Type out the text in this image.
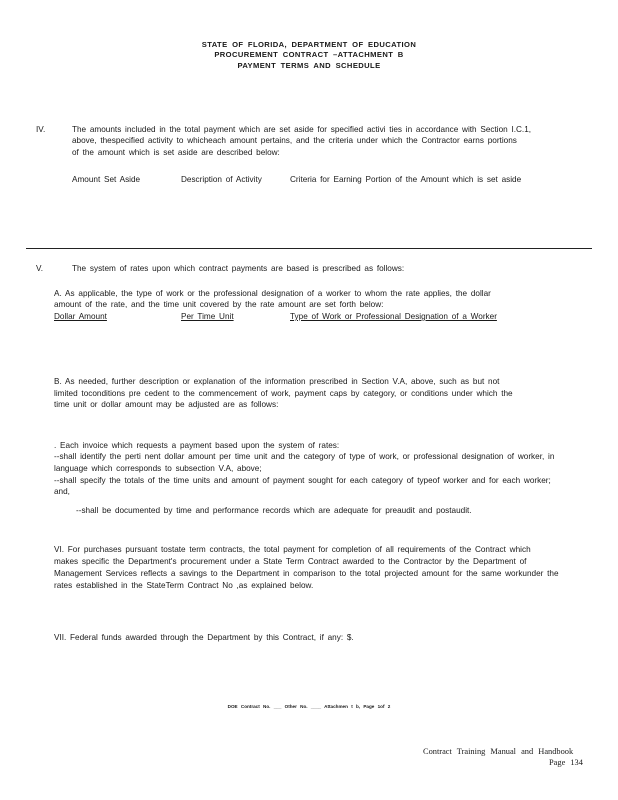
STATE OF FLORIDA, DEPARTMENT OF EDUCATION
PROCUREMENT CONTRACT –ATTACHMENT B
PAYMENT TERMS AND SCHEDULE
IV.	The amounts included in the total payment which are set aside for specified activi ties in accordance with Section I.C.1,
above, thespecified activity to whicheach amount pertains, and the criteria under which the Contractor earns portions
of the amount which is set aside are described below:
Amount Set Aside	Description of Activity	Criteria for Earning Portion of the Amount which is set aside
V.	The system of rates upon which contract payments are based is prescribed as follows:
A. As applicable, the type of work or the professional designation of a worker to whom the rate applies, the dollar
amount of the rate, and the time unit covered by the rate amount are set forth below:
Dollar Amount	Per Time Unit	Type of Work or Professional Designation of a Worker
B. As needed, further description or explanation of the information prescribed in Section V.A, above, such as but not
limited toconditions pre cedent to the commencement of work, payment caps by category, or conditions under which the
time unit or dollar amount may be adjusted are as follows:
. Each invoice which requests a payment based upon the system of rates:
--shall identify the perti nent dollar amount per time unit and the category of type of work, or professional designation of worker, in
language which corresponds to subsection V.A, above;
--shall specify the totals of the time units and amount of payment sought for each category of typeof worker and for each worker;
and,
--shall be documented by time and performance records which are adequate for preaudit and postaudit.
VI. For purchases pursuant tostate term contracts, the total payment for completion of all requirements of the Contract which
makes specific the Department's procurement under a State Term Contract awarded to the Contractor by the Department of
Management Services reflects a savings to the Department in comparison to the total projected amount for the same workunder the
rates established in the StateTerm Contract No ,as explained below.
VII. Federal funds awarded through the Department by this Contract, if any: $.
DOE Contract No. ___ Other No. ____ Attachmen t b, Page 1of 2
Contract Training Manual and Handbook
Page 134
